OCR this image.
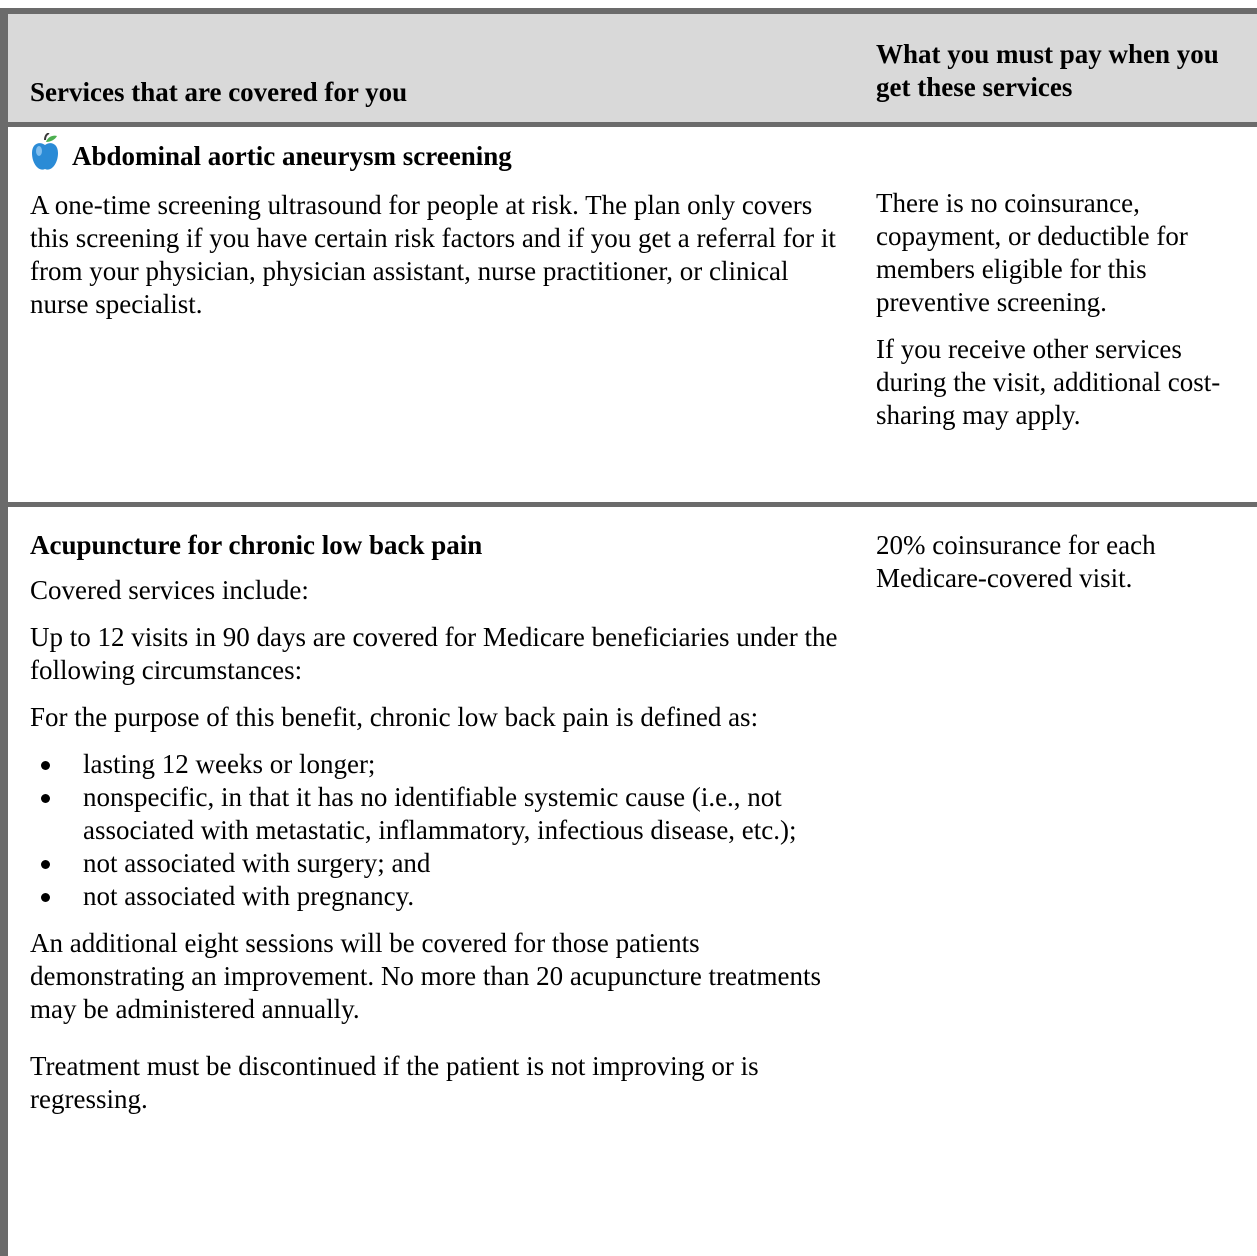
Services that are covered for you
What you must pay when you get these services
Abdominal aortic aneurysm screening

A one-time screening ultrasound for people at risk. The plan only covers this screening if you have certain risk factors and if you get a referral for it from your physician, physician assistant, nurse practitioner, or clinical nurse specialist.

There is no coinsurance, copayment, or deductible for members eligible for this preventive screening.

If you receive other services during the visit, additional cost-sharing may apply.

Acupuncture for chronic low back pain

Covered services include:

Up to 12 visits in 90 days are covered for Medicare beneficiaries under the following circumstances:

For the purpose of this benefit, chronic low back pain is defined as:

lasting 12 weeks or longer;
nonspecific, in that it has no identifiable systemic cause (i.e., not associated with metastatic, inflammatory, infectious disease, etc.);
not associated with surgery; and
not associated with pregnancy.

An additional eight sessions will be covered for those patients demonstrating an improvement. No more than 20 acupuncture treatments may be administered annually.

Treatment must be discontinued if the patient is not improving or is regressing.

20% coinsurance for each Medicare-covered visit.
